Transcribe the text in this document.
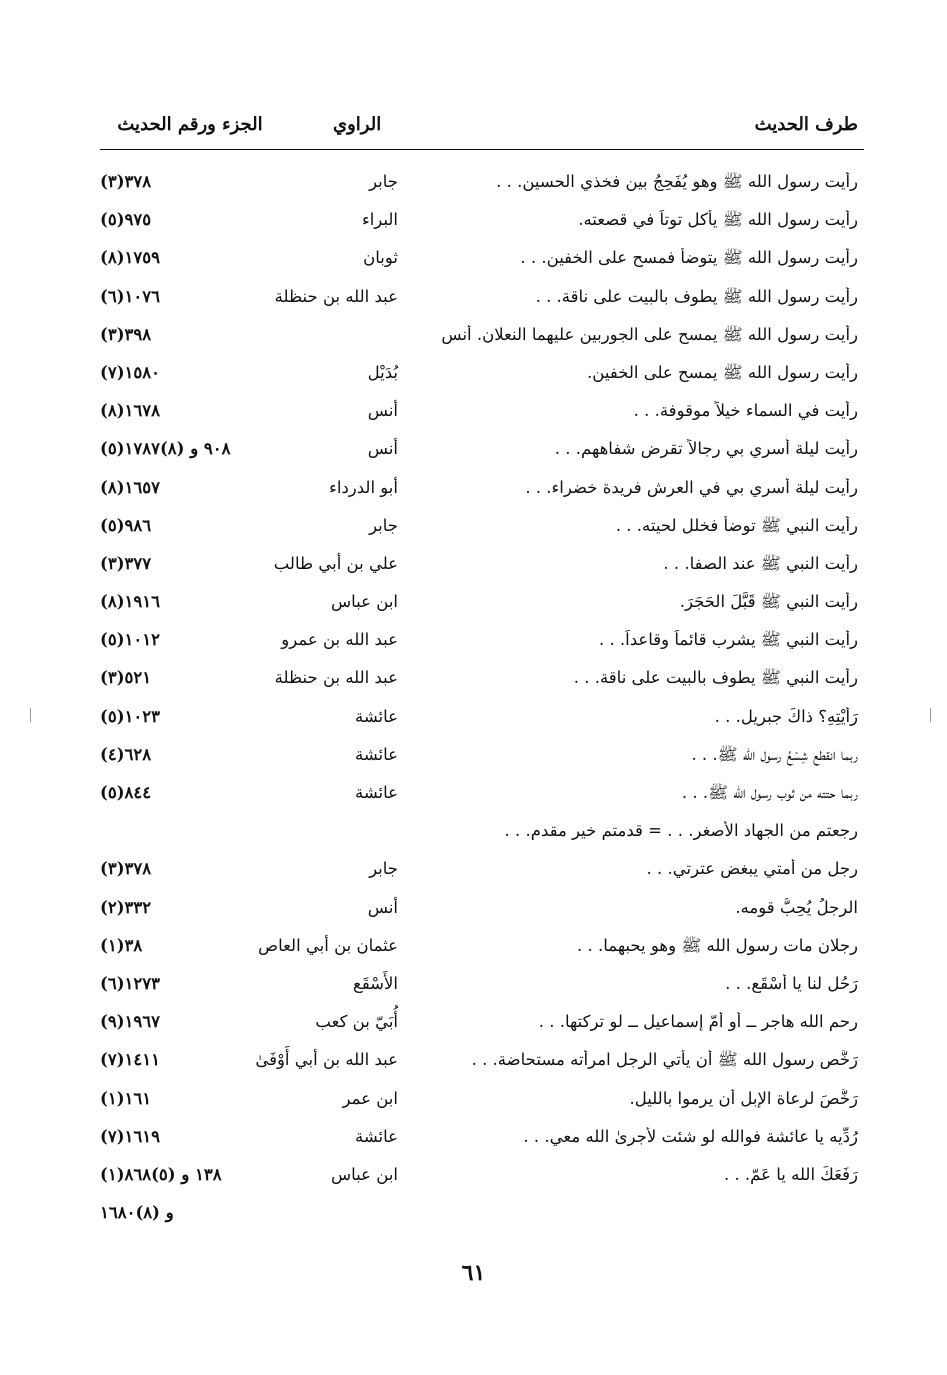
طرف الحديث
الراوي
الجزء ورقم الحديث
رأيت رسول الله ﷺ وهو يُفَحِجُ بين فخذي الحسين. . .
جابر
(٣)٣٧٨
رأيت رسول الله ﷺ يأكل توتاً في قصعته.
البراء
(٥)٩٧٥
رأيت رسول الله ﷺ يتوضأ فمسح على الخفين. . .
ثوبان
(٨)١٧٥٩
رأيت رسول الله ﷺ يطوف بالبيت على ناقة. . .
عبد الله بن حنظلة
(٦)١٠٧٦
رأيت رسول الله ﷺ يمسح على الجوربين عليهما النعلان. أنس
(٣)٣٩٨
رأيت رسول الله ﷺ يمسح على الخفين.
بُدَيْل
(٧)١٥٨٠
رأيت في السماء خيلاً موقوفة. . .
أنس
(٨)١٦٧٨
رأيت ليلة أُسري بي رجالاً تقرض شفاههم. . .
أنس
(٥)٩٠٨ و (٨)١٧٨٧
رأيت ليلة أُسري بي في العرش فريدة خضراء. . .
أبو الدرداء
(٨)١٦٥٧
رأيت النبي ﷺ توضأ فخلل لحيته. . .
جابر
(٥)٩٨٦
رأيت النبي ﷺ عند الصفا. . .
علي بن أبي طالب
(٣)٣٧٧
رأيت النبي ﷺ قَبَّلَ الحَجَرَ.
ابن عباس
(٨)١٩١٦
رأيت النبي ﷺ يشرب قائماً وقاعداً. . .
عبد الله بن عمرو
(٥)١٠١٢
رأيت النبي ﷺ يطوف بالبيت على ناقة. . .
عبد الله بن حنظلة
(٣)٥٢١
رَأَيْتِهِ؟ ذاكَ جبريل. . .
عائشة
(٥)١٠٢٣
ربما انقطع شِسْعُ رسول الله ﷺ. . .
عائشة
(٤)٦٢٨
ربما حتته من ثوب رسول الله ﷺ. . .
عائشة
(٥)٨٤٤
رجعتم من الجهاد الأصغر. . . = قدمتم خير مقدم. . .
رجل من أمتي يبغض عترتي. . .
جابر
(٣)٣٧٨
الرجلُ يُحِبُّ قومه.
أنس
(٢)٣٣٢
رجلان مات رسول الله ﷺ وهو يحبهما. . .
عثمان بن أبي العاص
(١)٣٨
رَحُل لنا يا أَسْقَع. . .
الأَسْقَع
(٦)١٢٧٣
رحم الله هاجر ــ أو أمّ إسماعيل ــ لو تركتها. . .
أُبَيّ بن كعب
(٩)١٩٦٧
رَخَّص رسول الله ﷺ أن يأتي الرجل امرأته مستحاضة. . .
عبد الله بن أبي أَوْفَىٰ
(٧)١٤١١
رَخَّصَ لرعاة الإبل أن يرموا بالليل.
ابن عمر
(١)١٦١
رُدِّيه يا عائشة فوالله لو شئت لأجرىٰ الله معي. . .
عائشة
(٧)١٦١٩
رَفَعَكَ الله يا عَمّ. . .
ابن عباس
(١)١٣٨ و (٥)٨٦٨
و (٨)١٦٨٠
٦١
